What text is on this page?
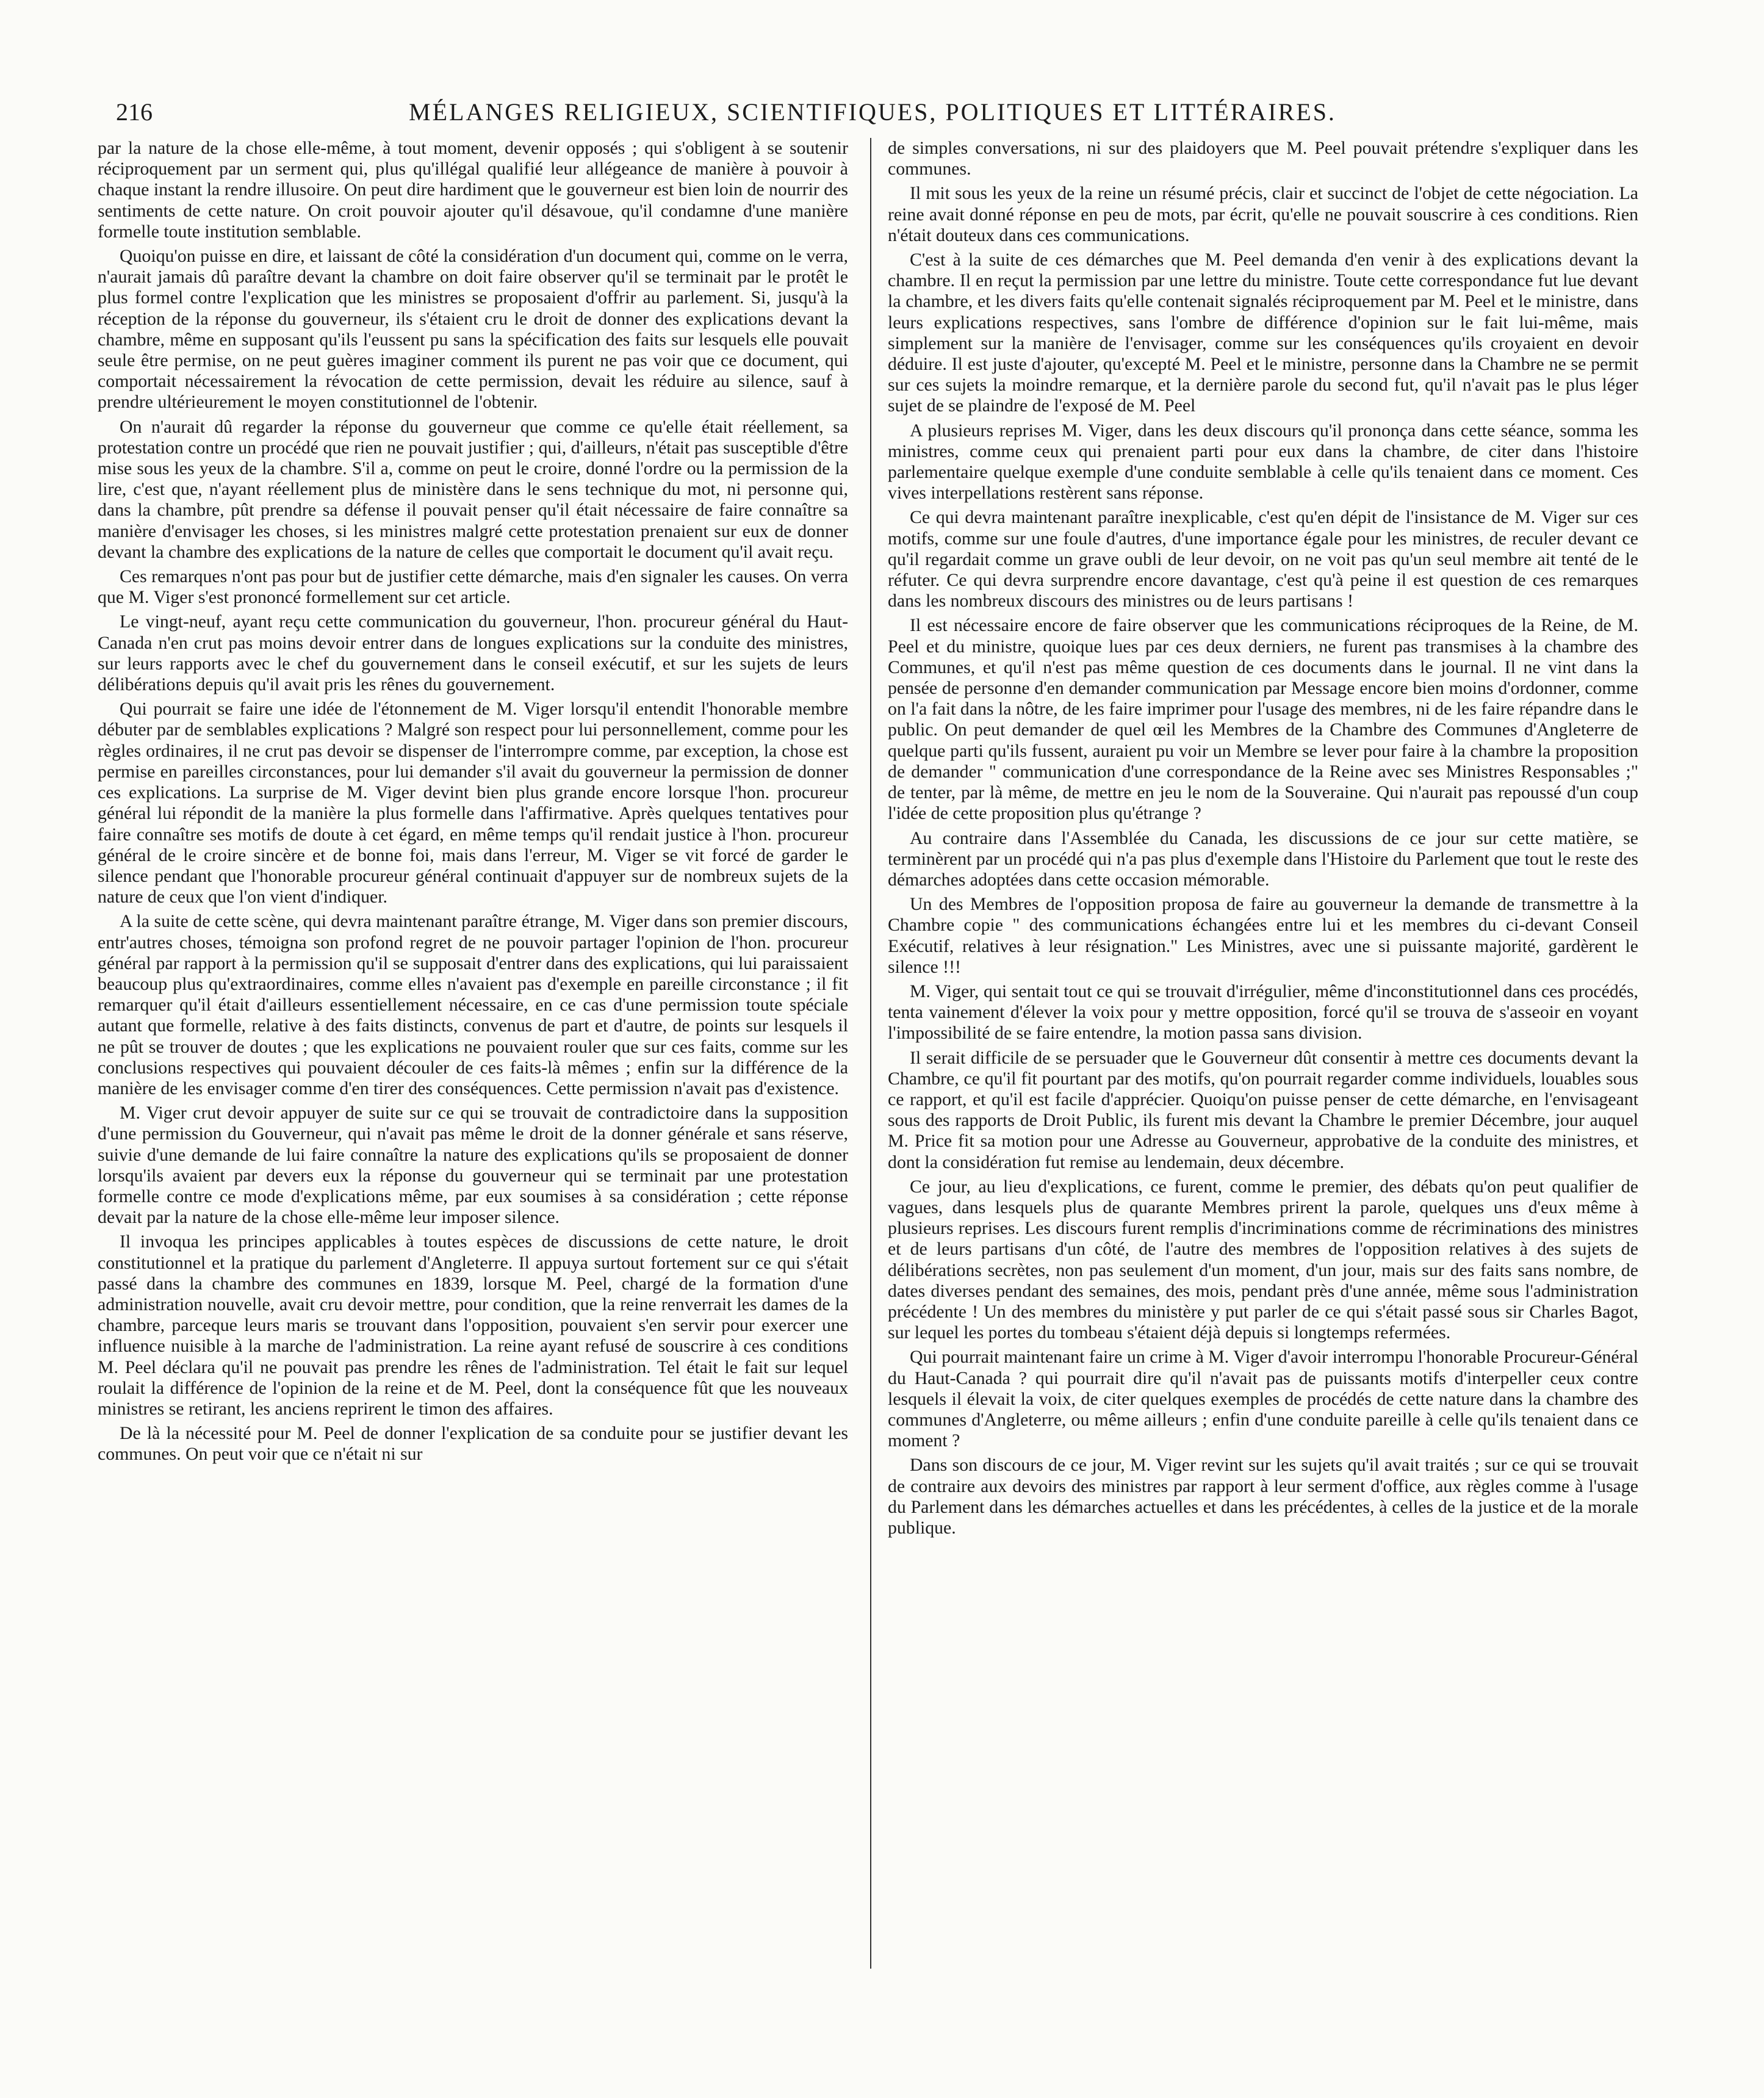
216	MÉLANGES RELIGIEUX, SCIENTIFIQUES, POLITIQUES ET LITTÉRAIRES.

par la nature de la chose elle-même, à tout moment, devenir opposés ; qui s'obligent à se soutenir réciproquement par un serment qui, plus qu'illégal qualifié leur allégeance de manière à pouvoir à chaque instant la rendre illusoire. On peut dire hardiment que le gouverneur est bien loin de nourrir des sentiments de cette nature. On croit pouvoir ajouter qu'il désavoue, qu'il condamne d'une manière formelle toute institution semblable.

Quoiqu'on puisse en dire, et laissant de côté la considération d'un document qui, comme on le verra, n'aurait jamais dû paraître devant la chambre on doit faire observer qu'il se terminait par le protêt le plus formel contre l'explication que les ministres se proposaient d'offrir au parlement. Si, jusqu'à la réception de la réponse du gouverneur, ils s'étaient cru le droit de donner des explications devant la chambre, même en supposant qu'ils l'eussent pu sans la spécification des faits sur lesquels elle pouvait seule être permise, on ne peut guères imaginer comment ils purent ne pas voir que ce document, qui comportait nécessairement la révocation de cette permission, devait les réduire au silence, sauf à prendre ultérieurement le moyen constitutionnel de l'obtenir.

On n'aurait dû regarder la réponse du gouverneur que comme ce qu'elle était réellement, sa protestation contre un procédé que rien ne pouvait justifier ; qui, d'ailleurs, n'était pas susceptible d'être mise sous les yeux de la chambre. S'il a, comme on peut le croire, donné l'ordre ou la permission de la lire, c'est que, n'ayant réellement plus de ministère dans le sens technique du mot, ni personne qui, dans la chambre, pût prendre sa défense il pouvait penser qu'il était nécessaire de faire connaître sa manière d'envisager les choses, si les ministres malgré cette protestation prenaient sur eux de donner devant la chambre des explications de la nature de celles que comportait le document qu'il avait reçu.

Ces remarques n'ont pas pour but de justifier cette démarche, mais d'en signaler les causes. On verra que M. Viger s'est prononcé formellement sur cet article.

Le vingt-neuf, ayant reçu cette communication du gouverneur, l'hon. procureur général du Haut-Canada n'en crut pas moins devoir entrer dans de longues explications sur la conduite des ministres, sur leurs rapports avec le chef du gouvernement dans le conseil exécutif, et sur les sujets de leurs délibérations depuis qu'il avait pris les rênes du gouvernement.

Qui pourrait se faire une idée de l'étonnement de M. Viger lorsqu'il entendit l'honorable membre débuter par de semblables explications ? Malgré son respect pour lui personnellement, comme pour les règles ordinaires, il ne crut pas devoir se dispenser de l'interrompre comme, par exception, la chose est permise en pareilles circonstances, pour lui demander s'il avait du gouverneur la permission de donner ces explications. La surprise de M. Viger devint bien plus grande encore lorsque l'hon. procureur général lui répondit de la manière la plus formelle dans l'affirmative. Après quelques tentatives pour faire connaître ses motifs de doute à cet égard, en même temps qu'il rendait justice à l'hon. procureur général de le croire sincère et de bonne foi, mais dans l'erreur, M. Viger se vit forcé de garder le silence pendant que l'honorable procureur général continuait d'appuyer sur de nombreux sujets de la nature de ceux que l'on vient d'indiquer.

A la suite de cette scène, qui devra maintenant paraître étrange, M. Viger dans son premier discours, entr'autres choses, témoigna son profond regret de ne pouvoir partager l'opinion de l'hon. procureur général par rapport à la permission qu'il se supposait d'entrer dans des explications, qui lui paraissaient beaucoup plus qu'extraordinaires, comme elles n'avaient pas d'exemple en pareille circonstance ; il fit remarquer qu'il était d'ailleurs essentiellement nécessaire, en ce cas d'une permission toute spéciale autant que formelle, relative à des faits distincts, convenus de part et d'autre, de points sur lesquels il ne pût se trouver de doutes ; que les explications ne pouvaient rouler que sur ces faits, comme sur les conclusions respectives qui pouvaient découler de ces faits-là mêmes ; enfin sur la différence de la manière de les envisager comme d'en tirer des conséquences. Cette permission n'avait pas d'existence.

M. Viger crut devoir appuyer de suite sur ce qui se trouvait de contradictoire dans la supposition d'une permission du Gouverneur, qui n'avait pas même le droit de la donner générale et sans réserve, suivie d'une demande de lui faire connaître la nature des explications qu'ils se proposaient de donner lorsqu'ils avaient par devers eux la réponse du gouverneur qui se terminait par une protestation formelle contre ce mode d'explications même, par eux soumises à sa considération ; cette réponse devait par la nature de la chose elle-même leur imposer silence.

Il invoqua les principes applicables à toutes espèces de discussions de cette nature, le droit constitutionnel et la pratique du parlement d'Angleterre. Il appuya surtout fortement sur ce qui s'était passé dans la chambre des communes en 1839, lorsque M. Peel, chargé de la formation d'une administration nouvelle, avait cru devoir mettre, pour condition, que la reine renverrait les dames de la chambre, parceque leurs maris se trouvant dans l'opposition, pouvaient s'en servir pour exercer une influence nuisible à la marche de l'administration. La reine ayant refusé de souscrire à ces conditions M. Peel déclara qu'il ne pouvait pas prendre les rênes de l'administration. Tel était le fait sur lequel roulait la différence de l'opinion de la reine et de M. Peel, dont la conséquence fût que les nouveaux ministres se retirant, les anciens reprirent le timon des affaires.

De là la nécessité pour M. Peel de donner l'explication de sa conduite pour se justifier devant les communes. On peut voir que ce n'était ni sur

de simples conversations, ni sur des plaidoyers que M. Peel pouvait prétendre s'expliquer dans les communes.

Il mit sous les yeux de la reine un résumé précis, clair et succinct de l'objet de cette négociation. La reine avait donné réponse en peu de mots, par écrit, qu'elle ne pouvait souscrire à ces conditions. Rien n'était douteux dans ces communications.

C'est à la suite de ces démarches que M. Peel demanda d'en venir à des explications devant la chambre. Il en reçut la permission par une lettre du ministre. Toute cette correspondance fut lue devant la chambre, et les divers faits qu'elle contenait signalés réciproquement par M. Peel et le ministre, dans leurs explications respectives, sans l'ombre de différence d'opinion sur le fait lui-même, mais simplement sur la manière de l'envisager, comme sur les conséquences qu'ils croyaient en devoir déduire. Il est juste d'ajouter, qu'excepté M. Peel et le ministre, personne dans la Chambre ne se permit sur ces sujets la moindre remarque, et la dernière parole du second fut, qu'il n'avait pas le plus léger sujet de se plaindre de l'exposé de M. Peel

A plusieurs reprises M. Viger, dans les deux discours qu'il prononça dans cette séance, somma les ministres, comme ceux qui prenaient parti pour eux dans la chambre, de citer dans l'histoire parlementaire quelque exemple d'une conduite semblable à celle qu'ils tenaient dans ce moment. Ces vives interpellations restèrent sans réponse.

Ce qui devra maintenant paraître inexplicable, c'est qu'en dépit de l'insistance de M. Viger sur ces motifs, comme sur une foule d'autres, d'une importance égale pour les ministres, de reculer devant ce qu'il regardait comme un grave oubli de leur devoir, on ne voit pas qu'un seul membre ait tenté de le réfuter. Ce qui devra surprendre encore davantage, c'est qu'à peine il est question de ces remarques dans les nombreux discours des ministres ou de leurs partisans !

Il est nécessaire encore de faire observer que les communications réciproques de la Reine, de M. Peel et du ministre, quoique lues par ces deux derniers, ne furent pas transmises à la chambre des Communes, et qu'il n'est pas même question de ces documents dans le journal. Il ne vint dans la pensée de personne d'en demander communication par Message encore bien moins d'ordonner, comme on l'a fait dans la nôtre, de les faire imprimer pour l'usage des membres, ni de les faire répandre dans le public. On peut demander de quel œil les Membres de la Chambre des Communes d'Angleterre de quelque parti qu'ils fussent, auraient pu voir un Membre se lever pour faire à la chambre la proposition de demander " communication d'une correspondance de la Reine avec ses Ministres Responsables ;" de tenter, par là même, de mettre en jeu le nom de la Souveraine. Qui n'aurait pas repoussé d'un coup l'idée de cette proposition plus qu'étrange ?

Au contraire dans l'Assemblée du Canada, les discussions de ce jour sur cette matière, se terminèrent par un procédé qui n'a pas plus d'exemple dans l'Histoire du Parlement que tout le reste des démarches adoptées dans cette occasion mémorable.

Un des Membres de l'opposition proposa de faire au gouverneur la demande de transmettre à la Chambre copie " des communications échangées entre lui et les membres du ci-devant Conseil Exécutif, relatives à leur résignation." Les Ministres, avec une si puissante majorité, gardèrent le silence !!!

M. Viger, qui sentait tout ce qui se trouvait d'irrégulier, même d'inconstitutionnel dans ces procédés, tenta vainement d'élever la voix pour y mettre opposition, forcé qu'il se trouva de s'asseoir en voyant l'impossibilité de se faire entendre, la motion passa sans division.

Il serait difficile de se persuader que le Gouverneur dût consentir à mettre ces documents devant la Chambre, ce qu'il fit pourtant par des motifs, qu'on pourrait regarder comme individuels, louables sous ce rapport, et qu'il est facile d'apprécier. Quoiqu'on puisse penser de cette démarche, en l'envisageant sous des rapports de Droit Public, ils furent mis devant la Chambre le premier Décembre, jour auquel M. Price fit sa motion pour une Adresse au Gouverneur, approbative de la conduite des ministres, et dont la considération fut remise au lendemain, deux décembre.

Ce jour, au lieu d'explications, ce furent, comme le premier, des débats qu'on peut qualifier de vagues, dans lesquels plus de quarante Membres prirent la parole, quelques uns d'eux même à plusieurs reprises. Les discours furent remplis d'incriminations comme de récriminations des ministres et de leurs partisans d'un côté, de l'autre des membres de l'opposition relatives à des sujets de délibérations secrètes, non pas seulement d'un moment, d'un jour, mais sur des faits sans nombre, de dates diverses pendant des semaines, des mois, pendant près d'une année, même sous l'administration précédente ! Un des membres du ministère y put parler de ce qui s'était passé sous sir Charles Bagot, sur lequel les portes du tombeau s'étaient déjà depuis si longtemps refermées.

Qui pourrait maintenant faire un crime à M. Viger d'avoir interrompu l'honorable Procureur-Général du Haut-Canada ? qui pourrait dire qu'il n'avait pas de puissants motifs d'interpeller ceux contre lesquels il élevait la voix, de citer quelques exemples de procédés de cette nature dans la chambre des communes d'Angleterre, ou même ailleurs ; enfin d'une conduite pareille à celle qu'ils tenaient dans ce moment ?

Dans son discours de ce jour, M. Viger revint sur les sujets qu'il avait traités ; sur ce qui se trouvait de contraire aux devoirs des ministres par rapport à leur serment d'office, aux règles comme à l'usage du Parlement dans les démarches actuelles et dans les précédentes, à celles de la justice et de la morale publique.
